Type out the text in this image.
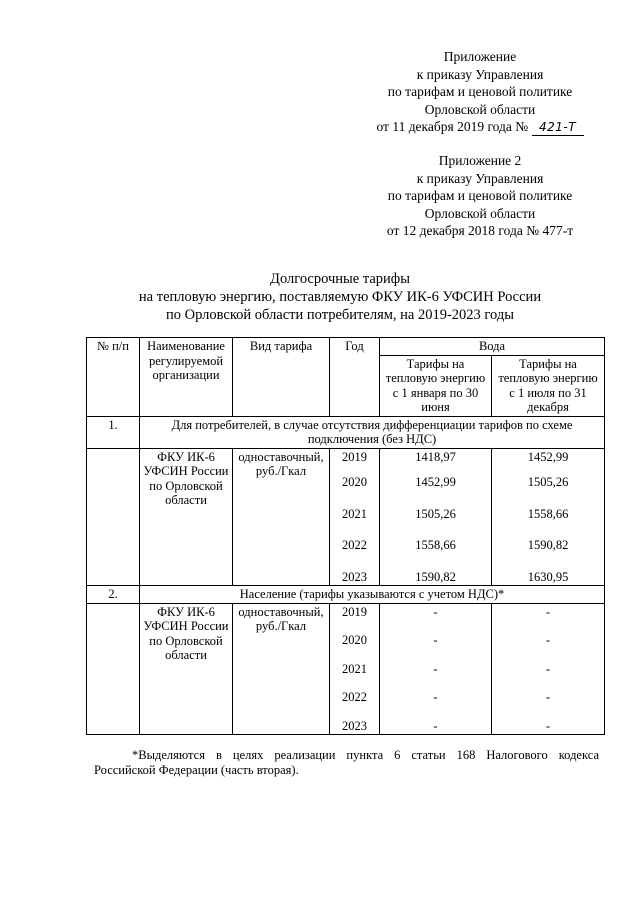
Приложение
к приказу Управления
по тарифам и ценовой политике
Орловской области
от 11 декабря 2019 года № 421-Т
Приложение 2
к приказу Управления
по тарифам и ценовой политике
Орловской области
от 12 декабря 2018 года № 477-т
Долгосрочные тарифы
на тепловую энергию, поставляемую ФКУ ИК-6 УФСИН России
по Орловской области потребителям, на 2019-2023 годы
№ п/п	Наименование регулируемой организации	Вид тарифа	Год	Вода	
				Тарифы на тепловую энергию с 1 января по 30 июня	Тарифы на тепловую энергию с 1 июля по 31 декабря
1.	Для потребителей, в случае отсутствия дифференциации тарифов по схеме подключения (без НДС)				
	ФКУ ИК-6 УФСИН России по Орловской области	одноставочный, руб./Гкал	2019	1418,97	1452,99
			2020	1452,99	1505,26
			2021	1505,26	1558,66
			2022	1558,66	1590,82
			2023	1590,82	1630,95
2.	Население (тарифы указываются с учетом НДС)*				
	ФКУ ИК-6 УФСИН России по Орловской области	одноставочный, руб./Гкал	2019	-	-
			2020	-	-
			2021	-	-
			2022	-	-
			2023	-	-

*Выделяются в целях реализации пункта 6 статьи 168 Налогового кодекса

Российской Федерации (часть вторая).
